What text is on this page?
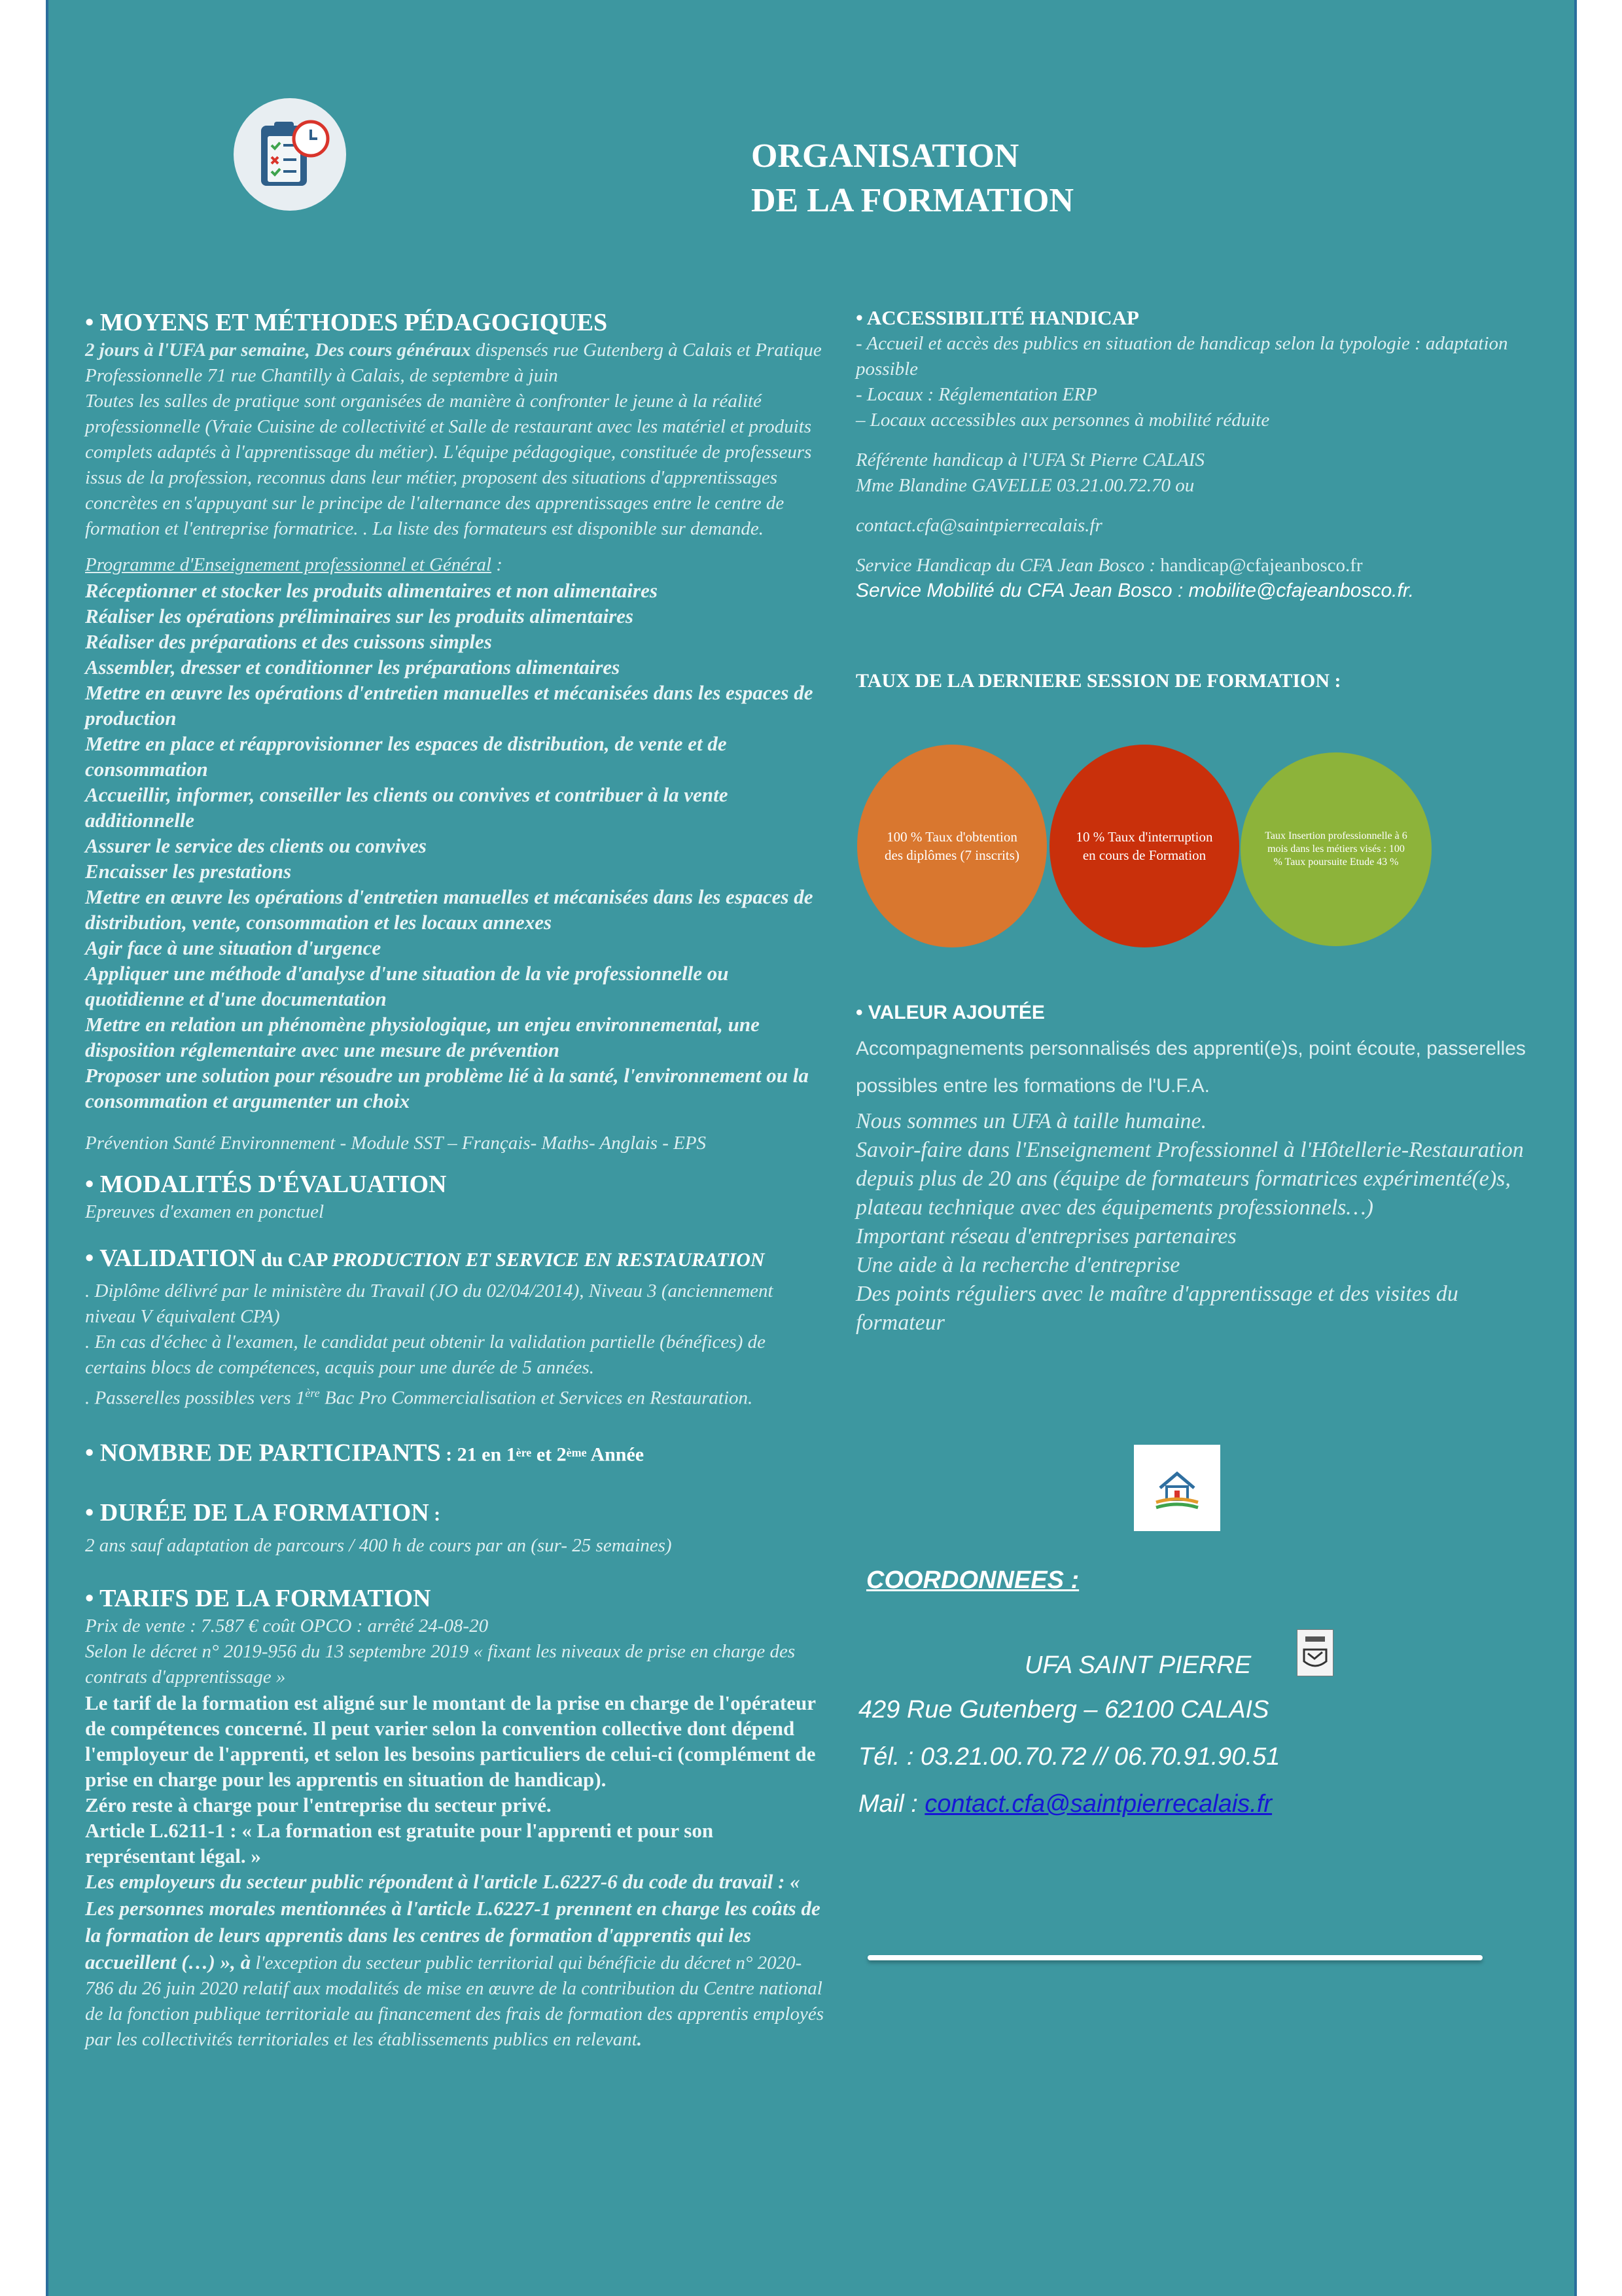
ORGANISATION
DE LA FORMATION
• MOYENS ET MÉTHODES PÉDAGOGIQUES

2 jours à l'UFA par semaine, Des cours généraux dispensés rue Gutenberg à Calais et Pratique Professionnelle 71 rue Chantilly à Calais, de septembre à juin

Toutes les salles de pratique sont organisées de manière à confronter le jeune à la réalité professionnelle (Vraie Cuisine de collectivité et Salle de restaurant avec les matériel et produits complets adaptés à l'apprentissage du métier). L'équipe pédagogique, constituée de professeurs issus de la profession, reconnus dans leur métier, proposent des situations d'apprentissages concrètes en s'appuyant sur le principe de l'alternance des apprentissages entre le centre de formation et l'entreprise formatrice. . La liste des formateurs est disponible sur demande.

Programme d'Enseignement professionnel et Général :

Réceptionner et stocker les produits alimentaires et non alimentaires
Réaliser les opérations préliminaires sur les produits alimentaires
Réaliser des préparations et des cuissons simples
Assembler, dresser et conditionner les préparations alimentaires
Mettre en œuvre les opérations d'entretien manuelles et mécanisées dans les espaces de production
Mettre en place et réapprovisionner les espaces de distribution, de vente et de consommation
Accueillir, informer, conseiller les clients ou convives et contribuer à la vente additionnelle
Assurer le service des clients ou convives
Encaisser les prestations
Mettre en œuvre les opérations d'entretien manuelles et mécanisées dans les espaces de distribution, vente, consommation et les locaux annexes
Agir face à une situation d'urgence
Appliquer une méthode d'analyse d'une situation de la vie professionnelle ou quotidienne et d'une documentation
Mettre en relation un phénomène physiologique, un enjeu environnemental, une disposition réglementaire avec une mesure de prévention
Proposer une solution pour résoudre un problème lié à la santé, l'environnement ou la consommation et argumenter un choix

Prévention Santé Environnement - Module SST – Français- Maths- Anglais - EPS

• MODALITÉS D'ÉVALUATION

Epreuves d'examen en ponctuel

• VALIDATION du CAP PRODUCTION ET SERVICE EN RESTAURATION

. Diplôme délivré par le ministère du Travail (JO du 02/04/2014), Niveau 3 (anciennement niveau V équivalent CPA)

. En cas d'échec à l'examen, le candidat peut obtenir la validation partielle (bénéfices) de certains blocs de compétences, acquis pour une durée de 5 années.

. Passerelles possibles vers 1ère Bac Pro Commercialisation et Services en Restauration.

• NOMBRE DE PARTICIPANTS : 21 en 1ère et 2ème Année
• DURÉE DE LA FORMATION :

2 ans sauf adaptation de parcours / 400 h de cours par an (sur- 25 semaines)

• TARIFS DE LA FORMATION

Prix de vente : 7.587 € coût OPCO : arrêté 24-08-20

Selon le décret n° 2019-956 du 13 septembre 2019 « fixant les niveaux de prise en charge des contrats d'apprentissage »

Le tarif de la formation est aligné sur le montant de la prise en charge de l'opérateur de compétences concerné. Il peut varier selon la convention collective dont dépend l'employeur de l'apprenti, et selon les besoins particuliers de celui-ci (complément de prise en charge pour les apprentis en situation de handicap).

Zéro reste à charge pour l'entreprise du secteur privé.

Article L.6211-1 : « La formation est gratuite pour l'apprenti et pour son représentant légal. »

Les employeurs du secteur public répondent à l'article L.6227-6 du code du travail : « Les personnes morales mentionnées à l'article L.6227-1 prennent en charge les coûts de la formation de leurs apprentis dans les centres de formation d'apprentis qui les accueillent (…) », à l'exception du secteur public territorial qui bénéficie du décret n° 2020-786 du 26 juin 2020 relatif aux modalités de mise en œuvre de la contribution du Centre national de la fonction publique territoriale au financement des frais de formation des apprentis employés par les collectivités territoriales et les établissements publics en relevant.

• ACCESSIBILITÉ HANDICAP

- Accueil et accès des publics en situation de handicap selon la typologie : adaptation possible

- Locaux : Réglementation ERP

– Locaux accessibles aux personnes à mobilité réduite

Référente handicap à l'UFA St Pierre CALAIS

Mme Blandine GAVELLE 03.21.00.72.70 ou

contact.cfa@saintpierrecalais.fr

Service Handicap du CFA Jean Bosco : handicap@cfajeanbosco.fr

Service Mobilité du CFA Jean Bosco : mobilite@cfajeanbosco.fr.

TAUX DE LA DERNIERE SESSION DE FORMATION :
100 % Taux d'obtention des diplômes (7 inscrits)
10 % Taux d'interruption en cours de Formation
Taux Insertion professionnelle à 6 mois dans les métiers visés : 100 % Taux poursuite Etude 43 %
• VALEUR AJOUTÉE

Accompagnements personnalisés des apprenti(e)s, point écoute, passerelles possibles entre les formations de l'U.F.A.

Nous sommes un UFA à taille humaine.

Savoir-faire dans l'Enseignement Professionnel à l'Hôtellerie-Restauration depuis plus de 20 ans (équipe de formateurs formatrices expérimenté(e)s, plateau technique avec des équipements professionnels…)

Important réseau d'entreprises partenaires

Une aide à la recherche d'entreprise

Des points réguliers avec le maître d'apprentissage et des visites du formateur

COORDONNEES :
UFA SAINT PIERRE
429 Rue Gutenberg – 62100 CALAIS
Tél. : 03.21.00.70.72 // 06.70.91.90.51
Mail : contact.cfa@saintpierrecalais.fr
